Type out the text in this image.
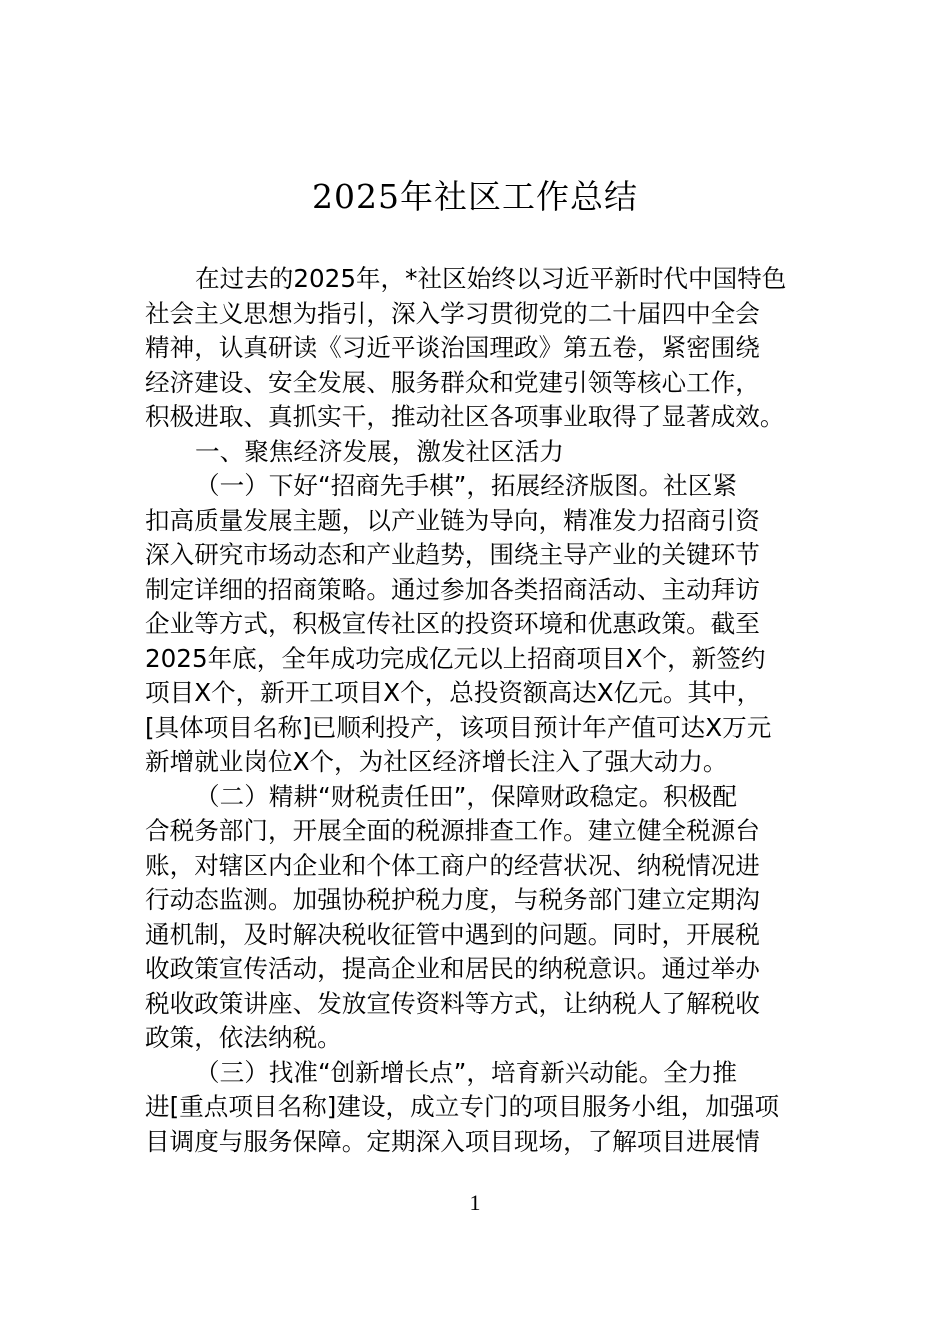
2025年社区工作总结
在过去的2025年，*社区始终以习近平新时代中国特色
社会主义思想为指引，深入学习贯彻党的二十届四中全会
精神，认真研读《习近平谈治国理政》第五卷，紧密围绕
经济建设、安全发展、服务群众和党建引领等核心工作，
积极进取、真抓实干，推动社区各项事业取得了显著成效。
一、聚焦经济发展，激发社区活力
（一）下好“招商先手棋”，拓展经济版图。社区紧
扣高质量发展主题，以产业链为导向，精准发力招商引资
深入研究市场动态和产业趋势，围绕主导产业的关键环节
制定详细的招商策略。通过参加各类招商活动、主动拜访
企业等方式，积极宣传社区的投资环境和优惠政策。截至
2025年底，全年成功完成亿元以上招商项目X个，新签约
项目X个，新开工项目X个，总投资额高达X亿元。其中，
[具体项目名称]已顺利投产，该项目预计年产值可达X万元
新增就业岗位X个，为社区经济增长注入了强大动力。
（二）精耕“财税责任田”，保障财政稳定。积极配
合税务部门，开展全面的税源排查工作。建立健全税源台
账，对辖区内企业和个体工商户的经营状况、纳税情况进
行动态监测。加强协税护税力度，与税务部门建立定期沟
通机制，及时解决税收征管中遇到的问题。同时，开展税
收政策宣传活动，提高企业和居民的纳税意识。通过举办
税收政策讲座、发放宣传资料等方式，让纳税人了解税收
政策，依法纳税。
（三）找准“创新增长点”，培育新兴动能。全力推
进[重点项目名称]建设，成立专门的项目服务小组，加强项
目调度与服务保障。定期深入项目现场，了解项目进展情
1
